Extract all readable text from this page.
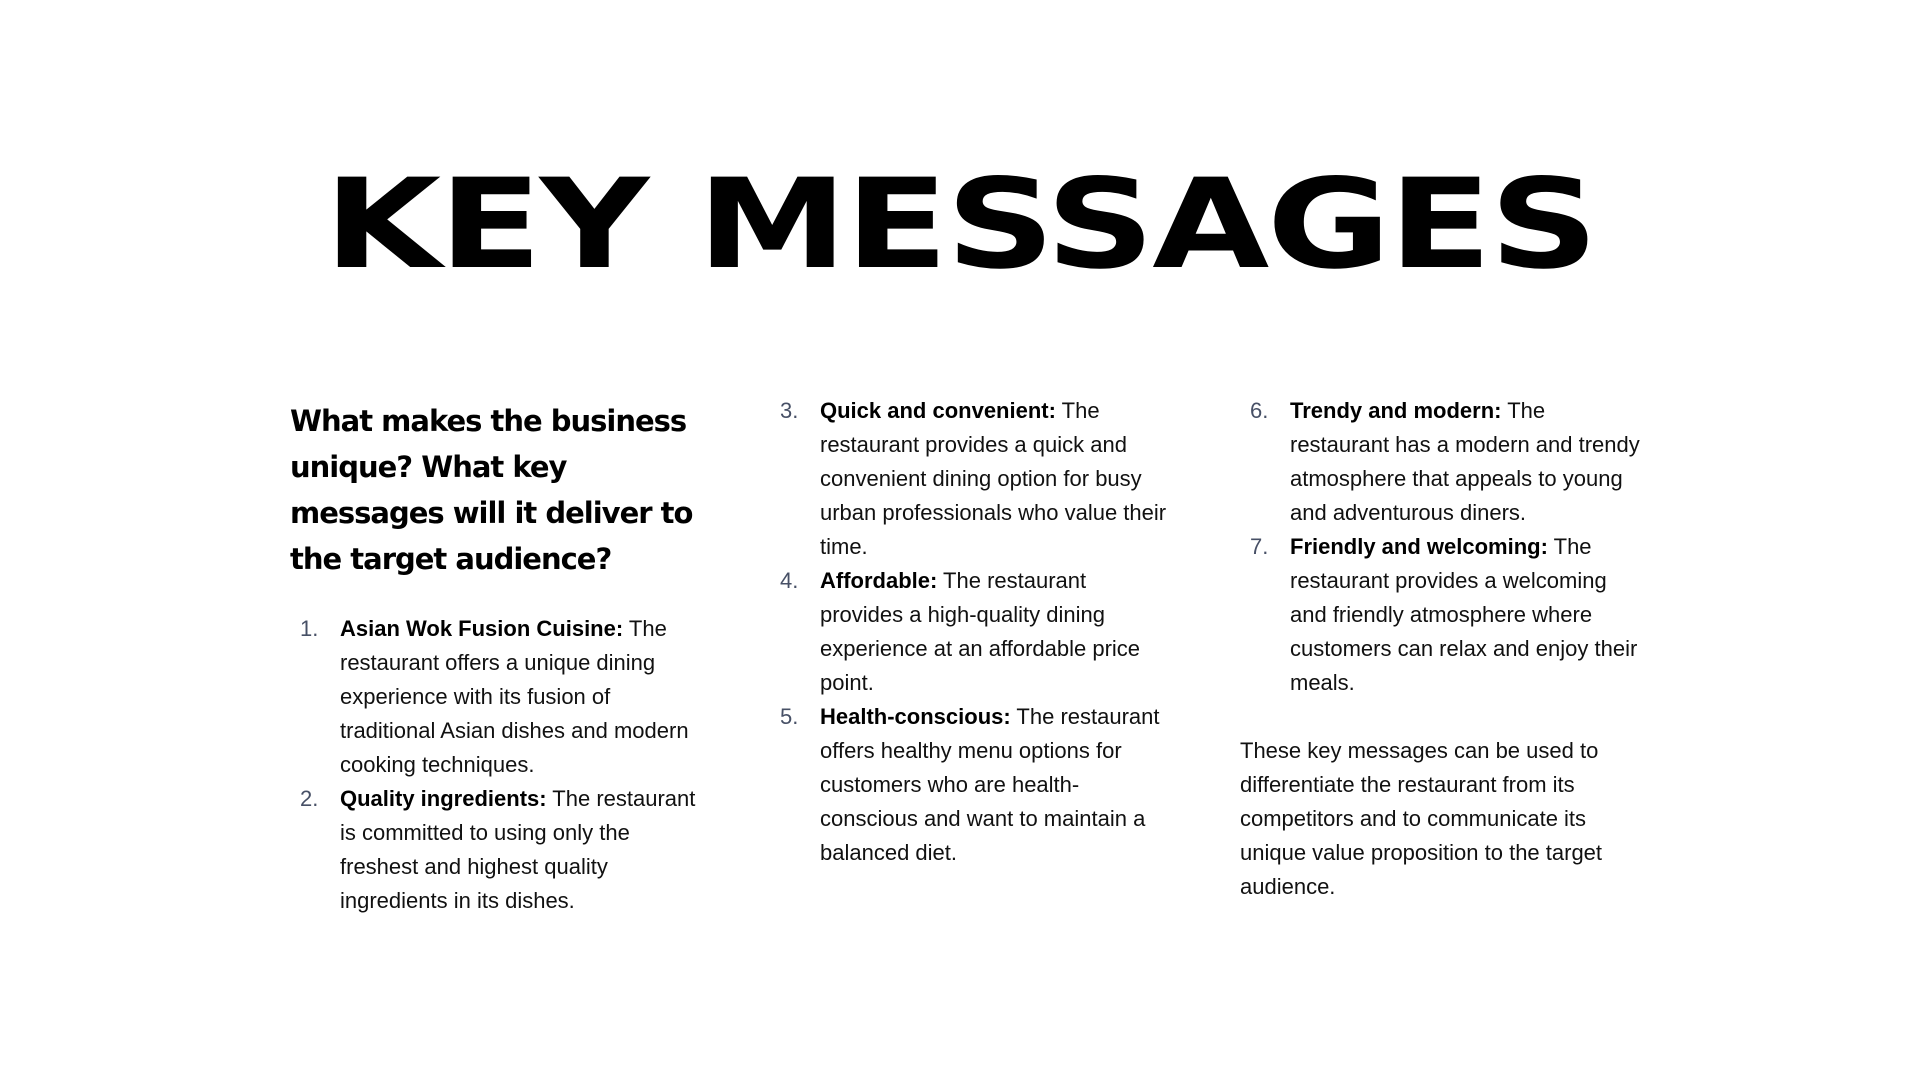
KEY MESSAGES
What makes the business unique? What key messages will it deliver to the target audience?
1. Asian Wok Fusion Cuisine: The restaurant offers a unique dining experience with its fusion of traditional Asian dishes and modern cooking techniques.
2. Quality ingredients: The restaurant is committed to using only the freshest and highest quality ingredients in its dishes.
3. Quick and convenient: The restaurant provides a quick and convenient dining option for busy urban professionals who value their time.
4. Affordable: The restaurant provides a high-quality dining experience at an affordable price point.
5. Health-conscious: The restaurant offers healthy menu options for customers who are health-conscious and want to maintain a balanced diet.
6. Trendy and modern: The restaurant has a modern and trendy atmosphere that appeals to young and adventurous diners.
7. Friendly and welcoming: The restaurant provides a welcoming and friendly atmosphere where customers can relax and enjoy their meals.

These key messages can be used to differentiate the restaurant from its competitors and to communicate its unique value proposition to the target audience.
